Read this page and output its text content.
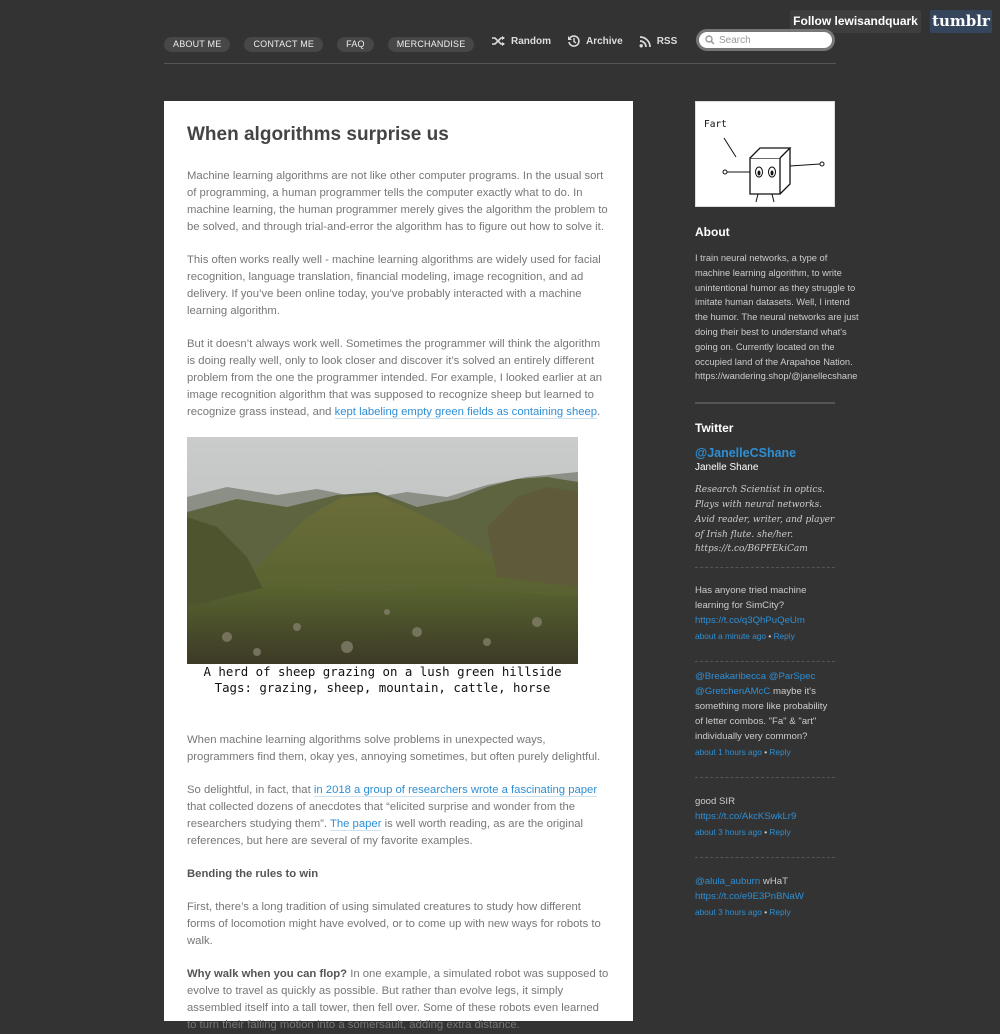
Follow lewisandquark tumblr
ABOUT ME	CONTACT ME	FAQ	MERCHANDISE	Random	Archive	RSS
Search
When algorithms surprise us

Machine learning algorithms are not like other computer programs. In the usual sort of programming, a human programmer tells the computer exactly what to do. In machine learning, the human programmer merely gives the algorithm the problem to be solved, and through trial-and-error the algorithm has to figure out how to solve it.

This often works really well - machine learning algorithms are widely used for facial recognition, language translation, financial modeling, image recognition, and ad delivery. If you’ve been online today, you’ve probably interacted with a machine learning algorithm.

But it doesn’t always work well. Sometimes the programmer will think the algorithm is doing really well, only to look closer and discover it’s solved an entirely different problem from the one the programmer intended. For example, I looked earlier at an image recognition algorithm that was supposed to recognize sheep but learned to recognize grass instead, and kept labeling empty green fields as containing sheep.

A herd of sheep grazing on a lush green hillside
Tags: grazing, sheep, mountain, cattle, horse

When machine learning algorithms solve problems in unexpected ways, programmers find them, okay yes, annoying sometimes, but often purely delightful.

So delightful, in fact, that in 2018 a group of researchers wrote a fascinating paper that collected dozens of anecdotes that “elicited surprise and wonder from the researchers studying them”. The paper is well worth reading, as are the original references, but here are several of my favorite examples.

Bending the rules to win

First, there’s a long tradition of using simulated creatures to study how different forms of locomotion might have evolved, or to come up with new ways for robots to walk.

Why walk when you can flop? In one example, a simulated robot was supposed to evolve to travel as quickly as possible. But rather than evolve legs, it simply assembled itself into a tall tower, then fell over. Some of these robots even learned to turn their falling motion into a somersault, adding extra distance.

Fart
About
I train neural networks, a type of machine learning algorithm, to write unintentional humor as they struggle to imitate human datasets. Well, I intend the humor. The neural networks are just doing their best to understand what's going on. Currently located on the occupied land of the Arapahoe Nation. https://wandering.shop/@janellecshane
Twitter
@JanelleCShane
Janelle Shane
Research Scientist in optics. Plays with neural networks. Avid reader, writer, and player of Irish flute. she/her. https://t.co/B6PFEkiCam
Has anyone tried machine learning for SimCity?
https://t.co/q3QhPuQeUm
about a minute ago • Reply
@Breakaribecca @ParSpec @GretchenAMcC maybe it's something more like probability of letter combos. "Fa" & "art" individually very common?
about 1 hours ago • Reply
good SIR
https://t.co/AkcKSwkLr9
about 3 hours ago • Reply
@alula_auburn wHaT
https://t.co/e9E3PnBNaW
about 3 hours ago • Reply
